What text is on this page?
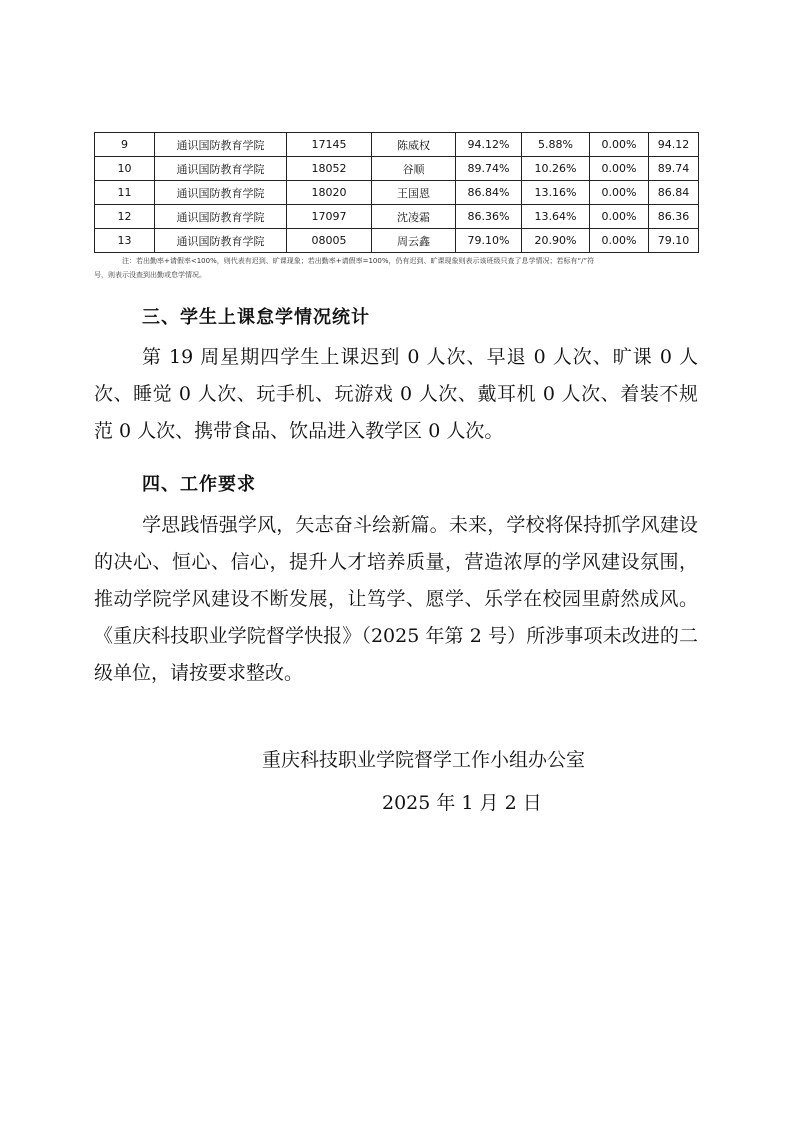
9	通识国防教育学院	17145	陈威权	94.12%	5.88%	0.00%	94.12
10	通识国防教育学院	18052	谷顺	89.74%	10.26%	0.00%	89.74
11	通识国防教育学院	18020	王国恩	86.84%	13.16%	0.00%	86.84
12	通识国防教育学院	17097	沈凌霜	86.36%	13.64%	0.00%	86.36
13	通识国防教育学院	08005	周云鑫	79.10%	20.90%	0.00%	79.10
注：若出勤率+请假率<100%，则代表有迟到、旷课现象；若出勤率+请假率=100%，仍有迟到、旷课现象则表示该班级只查了息学情况；若标有“/”符
号，则表示没查到出勤或怠学情况。
三、学生上课怠学情况统计
第 19 周星期四学生上课迟到 0 人次、早退 0 人次、旷课 0 人次、睡觉 0 人次、玩手机、玩游戏 0 人次、戴耳机 0 人次、着装不规范 0 人次、携带食品、饮品进入教学区 0 人次。
四、工作要求
学思践悟强学风，矢志奋斗绘新篇。未来，学校将保持抓学风建设的决心、恒心、信心，提升人才培养质量，营造浓厚的学风建设氛围，推动学院学风建设不断发展，让笃学、愿学、乐学在校园里蔚然成风。《重庆科技职业学院督学快报》（2025 年第 2 号）所涉事项未改进的二级单位，请按要求整改。
重庆科技职业学院督学工作小组办公室
2025 年 1 月 2 日
